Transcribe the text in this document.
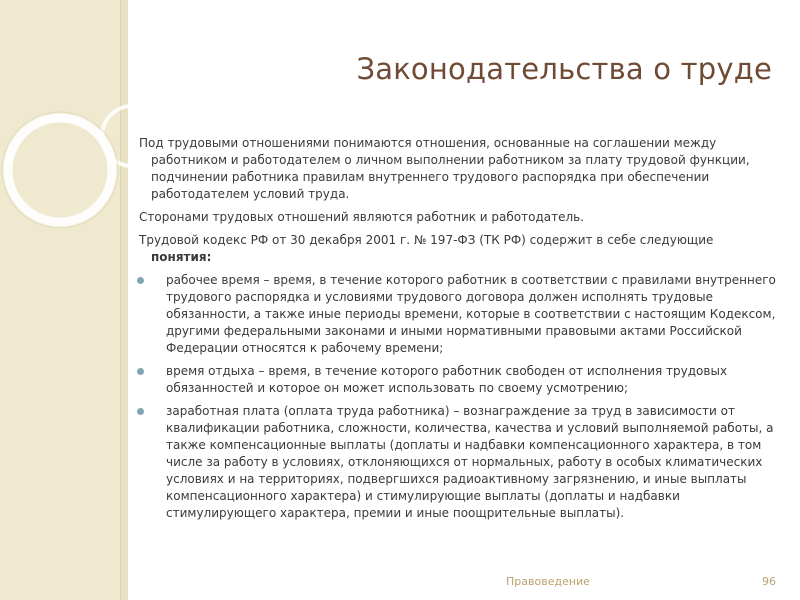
Законодательства о труде
Под трудовыми отношениями понимаются отношения, основанные на соглашении между
работником и работодателем о личном выполнении работником за плату трудовой функции, подчинении работника правилам внутреннего трудового распорядка при обеспечении работодателем условий труда.
Сторонами трудовых отношений являются работник и работодатель.
Трудовой кодекс РФ от 30 декабря 2001 г. № 197-ФЗ (ТК РФ) содержит в себе следующие
понятия:
рабочее время – время, в течение которого работник в соответствии с правилами внутреннего трудового распорядка и условиями трудового договора должен исполнять трудовые обязанности, а также иные периоды времени, которые в соответствии с настоящим Кодексом, другими федеральными законами и иными нормативными правовыми актами Российской Федерации относятся к рабочему времени;
время отдыха – время, в течение которого работник свободен от исполнения трудовых обязанностей и которое он может использовать по своему усмотрению;
заработная плата (оплата труда работника) – вознаграждение за труд в зависимости от квалификации работника, сложности, количества, качества и условий выполняемой работы, а также компенсационные выплаты (доплаты и надбавки компенсационного характера, в том числе за работу в условиях, отклоняющихся от нормальных, работу в особых климатических условиях и на территориях, подвергшихся радиоактивному загрязнению, и иные выплаты компенсационного характера) и стимулирующие выплаты (доплаты и надбавки стимулирующего характера, премии и иные поощрительные выплаты).
Правоведение	96
